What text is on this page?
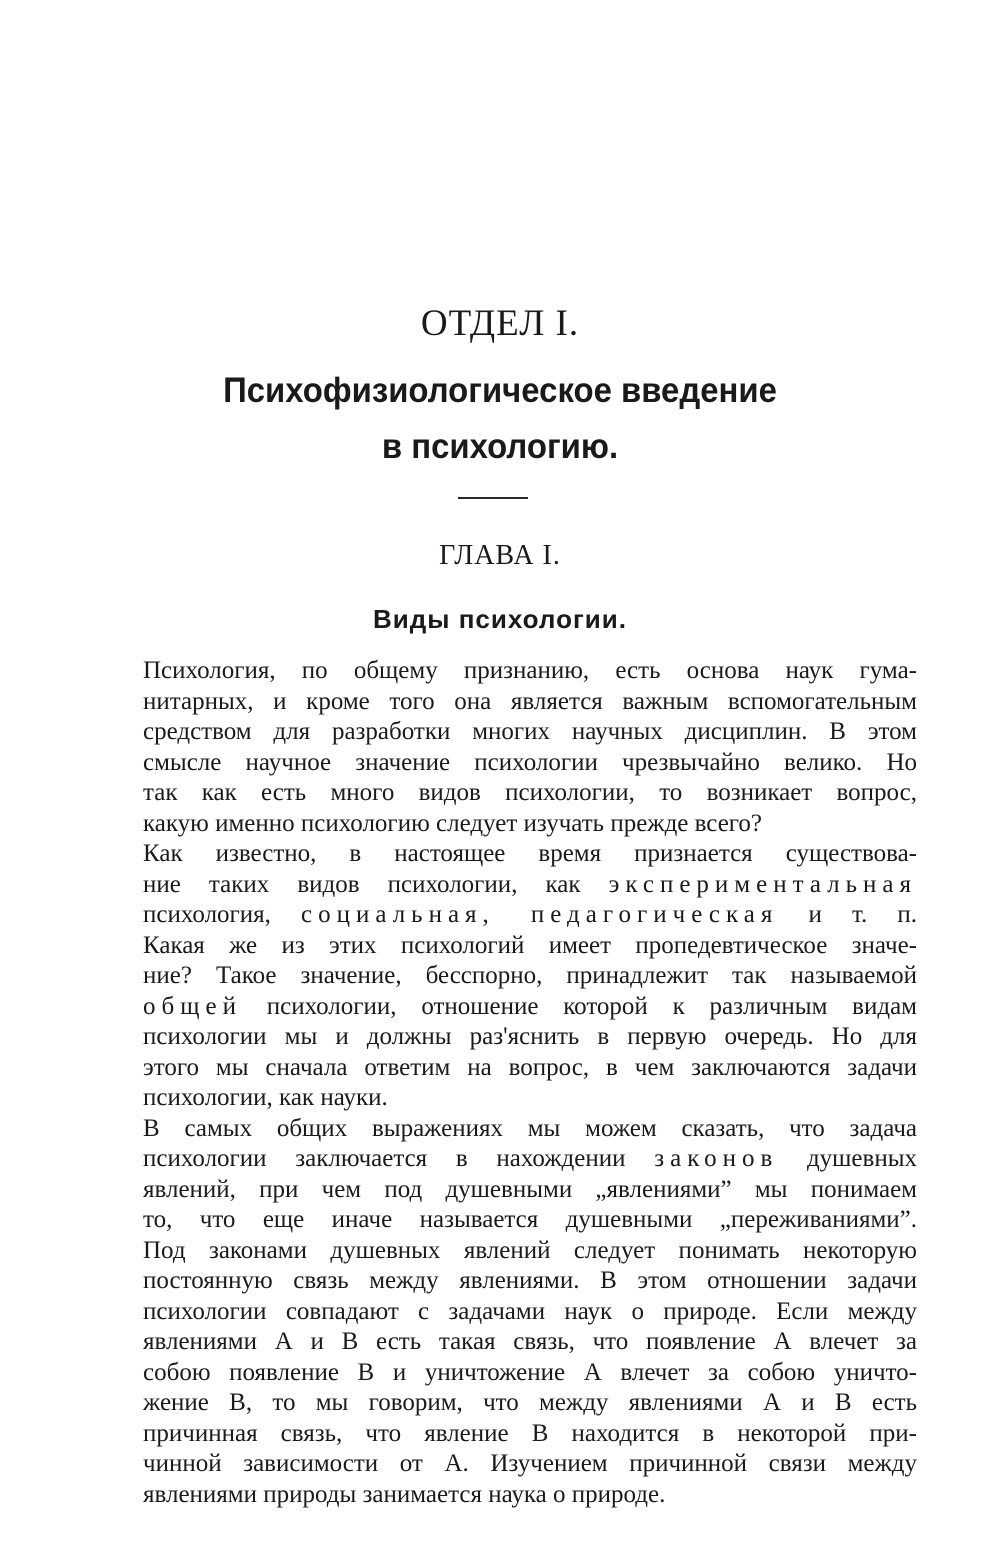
ОТДЕЛ I.
Психофизиологическое введение
в психологию.
ГЛАВА I.
Виды психологии.

Психология, по общему признанию, есть основа наук гума-
нитарных, и кроме того она является важным вспомогательным
средством для разработки многих научных дисциплин. В этом
смысле научное значение психологии чрезвычайно велико. Но
так как есть много видов психологии, то возникает вопрос,
какую именно психологию следует изучать прежде всего?

Как известно, в настоящее время признается существова-
ние таких видов психологии, как экспериментальная
психология, социальная, педагогическая и т. п.
Какая же из этих психологий имеет пропедевтическое значе-
ние? Такое значение, бесспорно, принадлежит так называемой
общей психологии, отношение которой к различным видам
психологии мы и должны раз'яснить в первую очередь. Но для
этого мы сначала ответим на вопрос, в чем заключаются задачи
психологии, как науки.

В самых общих выражениях мы можем сказать, что задача
психологии заключается в нахождении законов душевных
явлений, при чем под душевными „явлениями” мы понимаем
то, что еще иначе называется душевными „переживаниями”.
Под законами душевных явлений следует понимать некоторую
постоянную связь между явлениями. В этом отношении задачи
психологии совпадают с задачами наук о природе. Если между
явлениями А и В есть такая связь, что появление А влечет за
собою появление В и уничтожение А влечет за собою уничто-
жение В, то мы говорим, что между явлениями А и В есть
причинная связь, что явление В находится в некоторой при-
чинной зависимости от А. Изучением причинной связи между
явлениями природы занимается наука о природе.
